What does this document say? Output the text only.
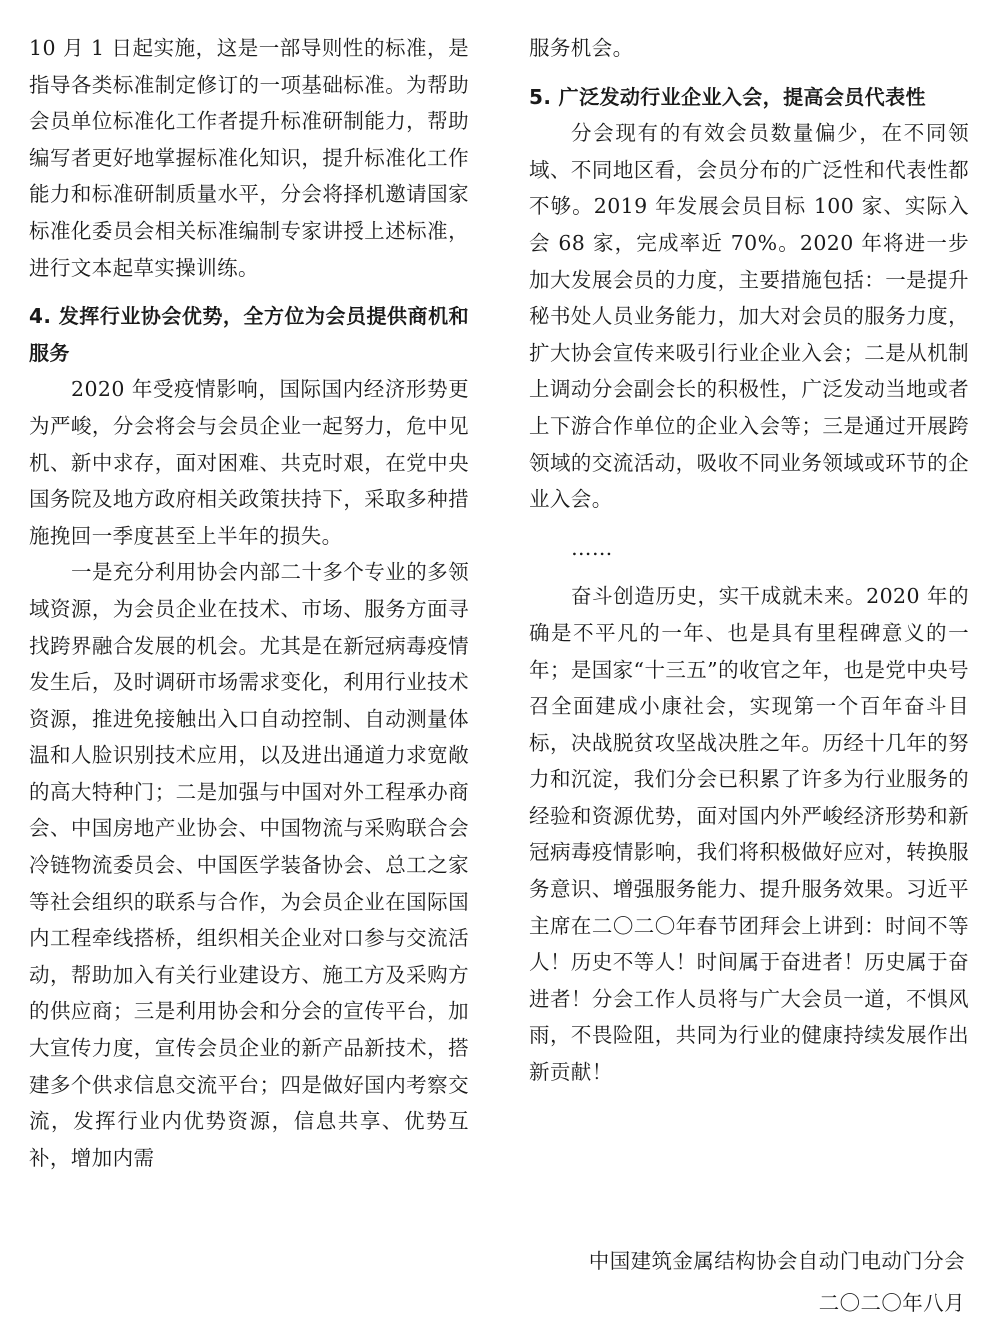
10 月 1 日起实施，这是一部导则性的标准，是指导各类标准制定修订的一项基础标准。为帮助会员单位标准化工作者提升标准研制能力，帮助编写者更好地掌握标准化知识，提升标准化工作能力和标准研制质量水平，分会将择机邀请国家标准化委员会相关标准编制专家讲授上述标准，进行文本起草实操训练。

4. 发挥行业协会优势，全方位为会员提供商机和服务

2020 年受疫情影响，国际国内经济形势更为严峻，分会将会与会员企业一起努力，危中见机、新中求存，面对困难、共克时艰，在党中央国务院及地方政府相关政策扶持下，采取多种措施挽回一季度甚至上半年的损失。

一是充分利用协会内部二十多个专业的多领域资源，为会员企业在技术、市场、服务方面寻找跨界融合发展的机会。尤其是在新冠病毒疫情发生后，及时调研市场需求变化，利用行业技术资源，推进免接触出入口自动控制、自动测量体温和人脸识别技术应用，以及进出通道力求宽敞的高大特种门；二是加强与中国对外工程承办商会、中国房地产业协会、中国物流与采购联合会冷链物流委员会、中国医学装备协会、总工之家等社会组织的联系与合作，为会员企业在国际国内工程牵线搭桥，组织相关企业对口参与交流活动，帮助加入有关行业建设方、施工方及采购方的供应商；三是利用协会和分会的宣传平台，加大宣传力度，宣传会员企业的新产品新技术，搭建多个供求信息交流平台；四是做好国内考察交流，发挥行业内优势资源，信息共享、优势互补，增加内需

服务机会。

5. 广泛发动行业企业入会，提高会员代表性

分会现有的有效会员数量偏少，在不同领域、不同地区看，会员分布的广泛性和代表性都不够。2019 年发展会员目标 100 家、实际入会 68 家，完成率近 70%。2020 年将进一步加大发展会员的力度，主要措施包括：一是提升秘书处人员业务能力，加大对会员的服务力度，扩大协会宣传来吸引行业企业入会；二是从机制上调动分会副会长的积极性，广泛发动当地或者上下游合作单位的企业入会等；三是通过开展跨领域的交流活动，吸收不同业务领域或环节的企业入会。

……

奋斗创造历史，实干成就未来。2020 年的确是不平凡的一年、也是具有里程碑意义的一年；是国家“十三五”的收官之年，也是党中央号召全面建成小康社会，实现第一个百年奋斗目标，决战脱贫攻坚战决胜之年。历经十几年的努力和沉淀，我们分会已积累了许多为行业服务的经验和资源优势，面对国内外严峻经济形势和新冠病毒疫情影响，我们将积极做好应对，转换服务意识、增强服务能力、提升服务效果。习近平主席在二〇二〇年春节团拜会上讲到：时间不等人！历史不等人！时间属于奋进者！历史属于奋进者！分会工作人员将与广大会员一道，不惧风雨，不畏险阻，共同为行业的健康持续发展作出新贡献！

中国建筑金属结构协会自动门电动门分会
二〇二〇年八月
